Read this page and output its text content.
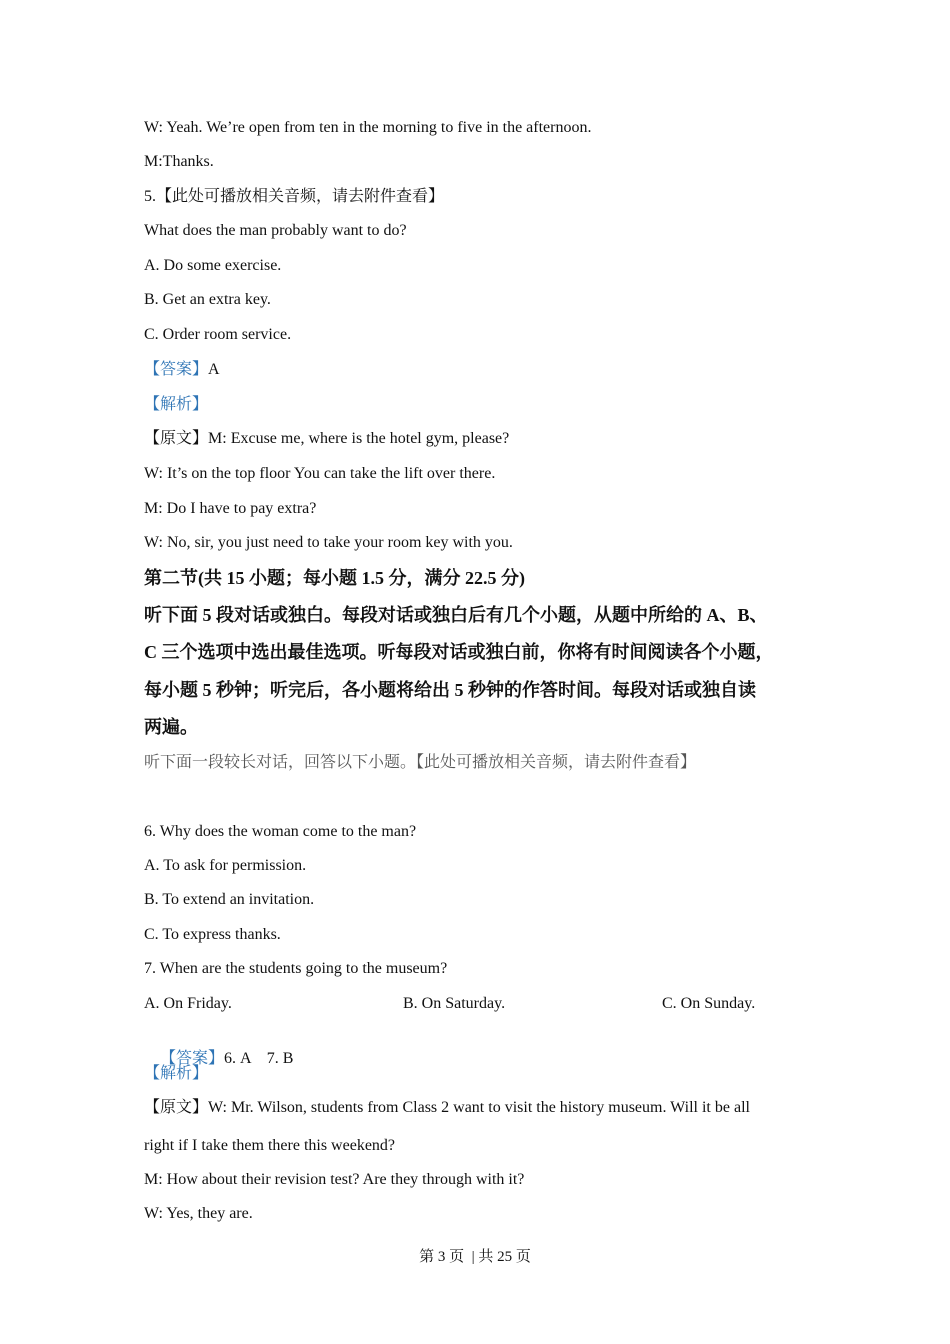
W: Yeah. We’re open from ten in the morning to five in the afternoon.
M:Thanks.
5.【此处可播放相关音频，请去附件查看】
What does the man probably want to do?
A. Do some exercise.
B. Get an extra key.
C. Order room service.
【答案】A
【解析】
【原文】M: Excuse me, where is the hotel gym, please?
W: It’s on the top floor You can take the lift over there.
M: Do I have to pay extra?
W: No, sir, you just need to take your room key with you.
第二节(共 15 小题；每小题 1.5 分，满分 22.5 分)
听下面 5 段对话或独白。每段对话或独白后有几个小题，从题中所给的 A、B、
C 三个选项中选出最佳选项。听每段对话或独白前，你将有时间阅读各个小题，
每小题 5 秒钟；听完后，各小题将给出 5 秒钟的作答时间。每段对话或独自读
两遍。
听下面一段较长对话，回答以下小题。【此处可播放相关音频，请去附件查看】
6. Why does the woman come to the man?
A. To ask for permission.
B. To extend an invitation.
C. To express thanks.
7. When are the students going to the museum?
A. On Friday.	B. On Saturday.	C. On Sunday.

【答案】6. A    7. B

【解析】
【原文】W: Mr. Wilson, students from Class 2 want to visit the history museum. Will it be all
right if I take them there this weekend?
M: How about their revision test? Are they through with it?
W: Yes, they are.
第 3 页  | 共 25 页
